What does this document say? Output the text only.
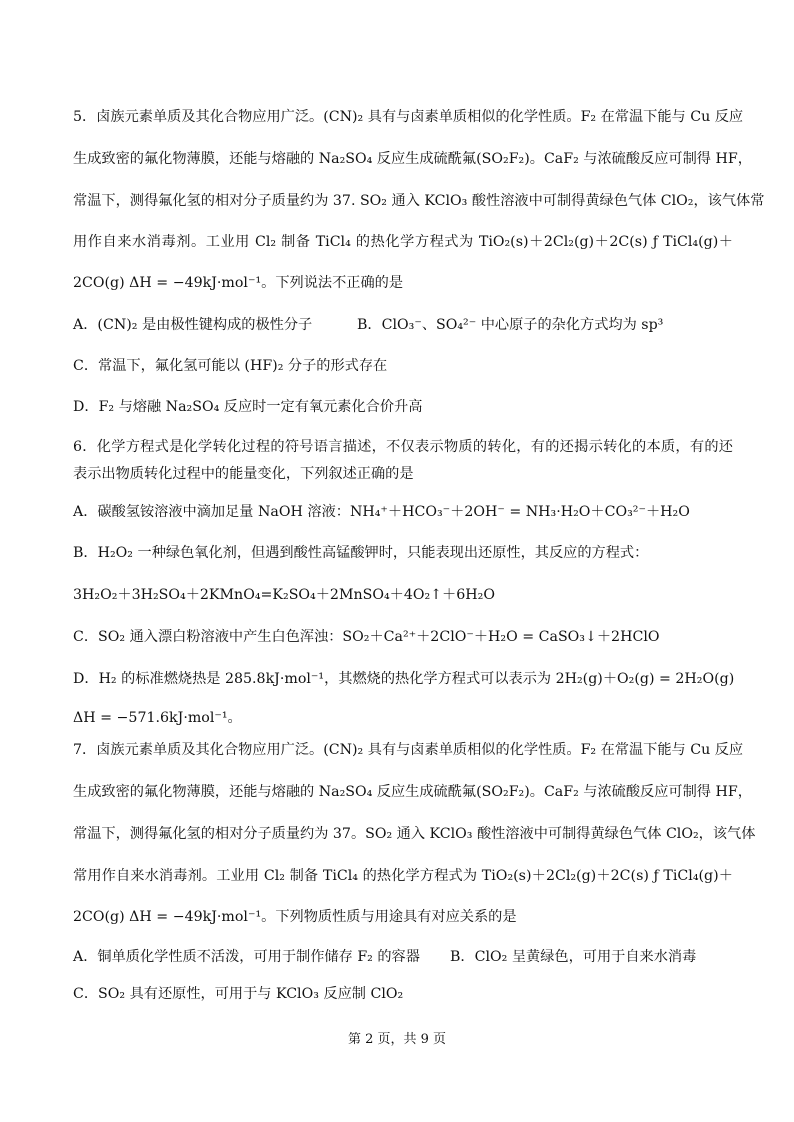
5．卤族元素单质及其化合物应用广泛。(CN)₂ 具有与卤素单质相似的化学性质。F₂ 在常温下能与 Cu 反应
生成致密的氟化物薄膜，还能与熔融的 Na₂SO₄ 反应生成硫酰氟(SO₂F₂)。CaF₂ 与浓硫酸反应可制得 HF，
常温下，测得氟化氢的相对分子质量约为 37. SO₂ 通入 KClO₃ 酸性溶液中可制得黄绿色气体 ClO₂，该气体常
用作自来水消毒剂。工业用 Cl₂ 制备 TiCl₄ 的热化学方程式为 TiO₂(s)＋2Cl₂(g)＋2C(s) ƒ TiCl₄(g)＋
2CO(g) ΔH = −49kJ·mol⁻¹。下列说法不正确的是
A．(CN)₂ 是由极性键构成的极性分子	B．ClO₃⁻、SO₄²⁻ 中心原子的杂化方式均为 sp³
C．常温下，氟化氢可能以 (HF)₂ 分子的形式存在
D．F₂ 与熔融 Na₂SO₄ 反应时一定有氧元素化合价升高
6．化学方程式是化学转化过程的符号语言描述，不仅表示物质的转化，有的还揭示转化的本质，有的还
表示出物质转化过程中的能量变化，下列叙述正确的是
A．碳酸氢铵溶液中滴加足量 NaOH 溶液：NH₄⁺＋HCO₃⁻＋2OH⁻ = NH₃·H₂O＋CO₃²⁻＋H₂O
B．H₂O₂ 一种绿色氧化剂，但遇到酸性高锰酸钾时，只能表现出还原性，其反应的方程式：
3H₂O₂＋3H₂SO₄＋2KMnO₄=K₂SO₄＋2MnSO₄＋4O₂↑＋6H₂O
C．SO₂ 通入漂白粉溶液中产生白色浑浊：SO₂＋Ca²⁺＋2ClO⁻＋H₂O = CaSO₃↓＋2HClO
D．H₂ 的标准燃烧热是 285.8kJ·mol⁻¹，其燃烧的热化学方程式可以表示为 2H₂(g)＋O₂(g) = 2H₂O(g)
ΔH = −571.6kJ·mol⁻¹。
7．卤族元素单质及其化合物应用广泛。(CN)₂ 具有与卤素单质相似的化学性质。F₂ 在常温下能与 Cu 反应
生成致密的氟化物薄膜，还能与熔融的 Na₂SO₄ 反应生成硫酰氟(SO₂F₂)。CaF₂ 与浓硫酸反应可制得 HF，
常温下，测得氟化氢的相对分子质量约为 37。SO₂ 通入 KClO₃ 酸性溶液中可制得黄绿色气体 ClO₂，该气体
常用作自来水消毒剂。工业用 Cl₂ 制备 TiCl₄ 的热化学方程式为 TiO₂(s)＋2Cl₂(g)＋2C(s) ƒ TiCl₄(g)＋
2CO(g) ΔH = −49kJ·mol⁻¹。下列物质性质与用途具有对应关系的是
A．铜单质化学性质不活泼，可用于制作储存 F₂ 的容器 B．ClO₂ 呈黄绿色，可用于自来水消毒
C．SO₂ 具有还原性，可用于与 KClO₃ 反应制 ClO₂
第 2 页，共 9 页
